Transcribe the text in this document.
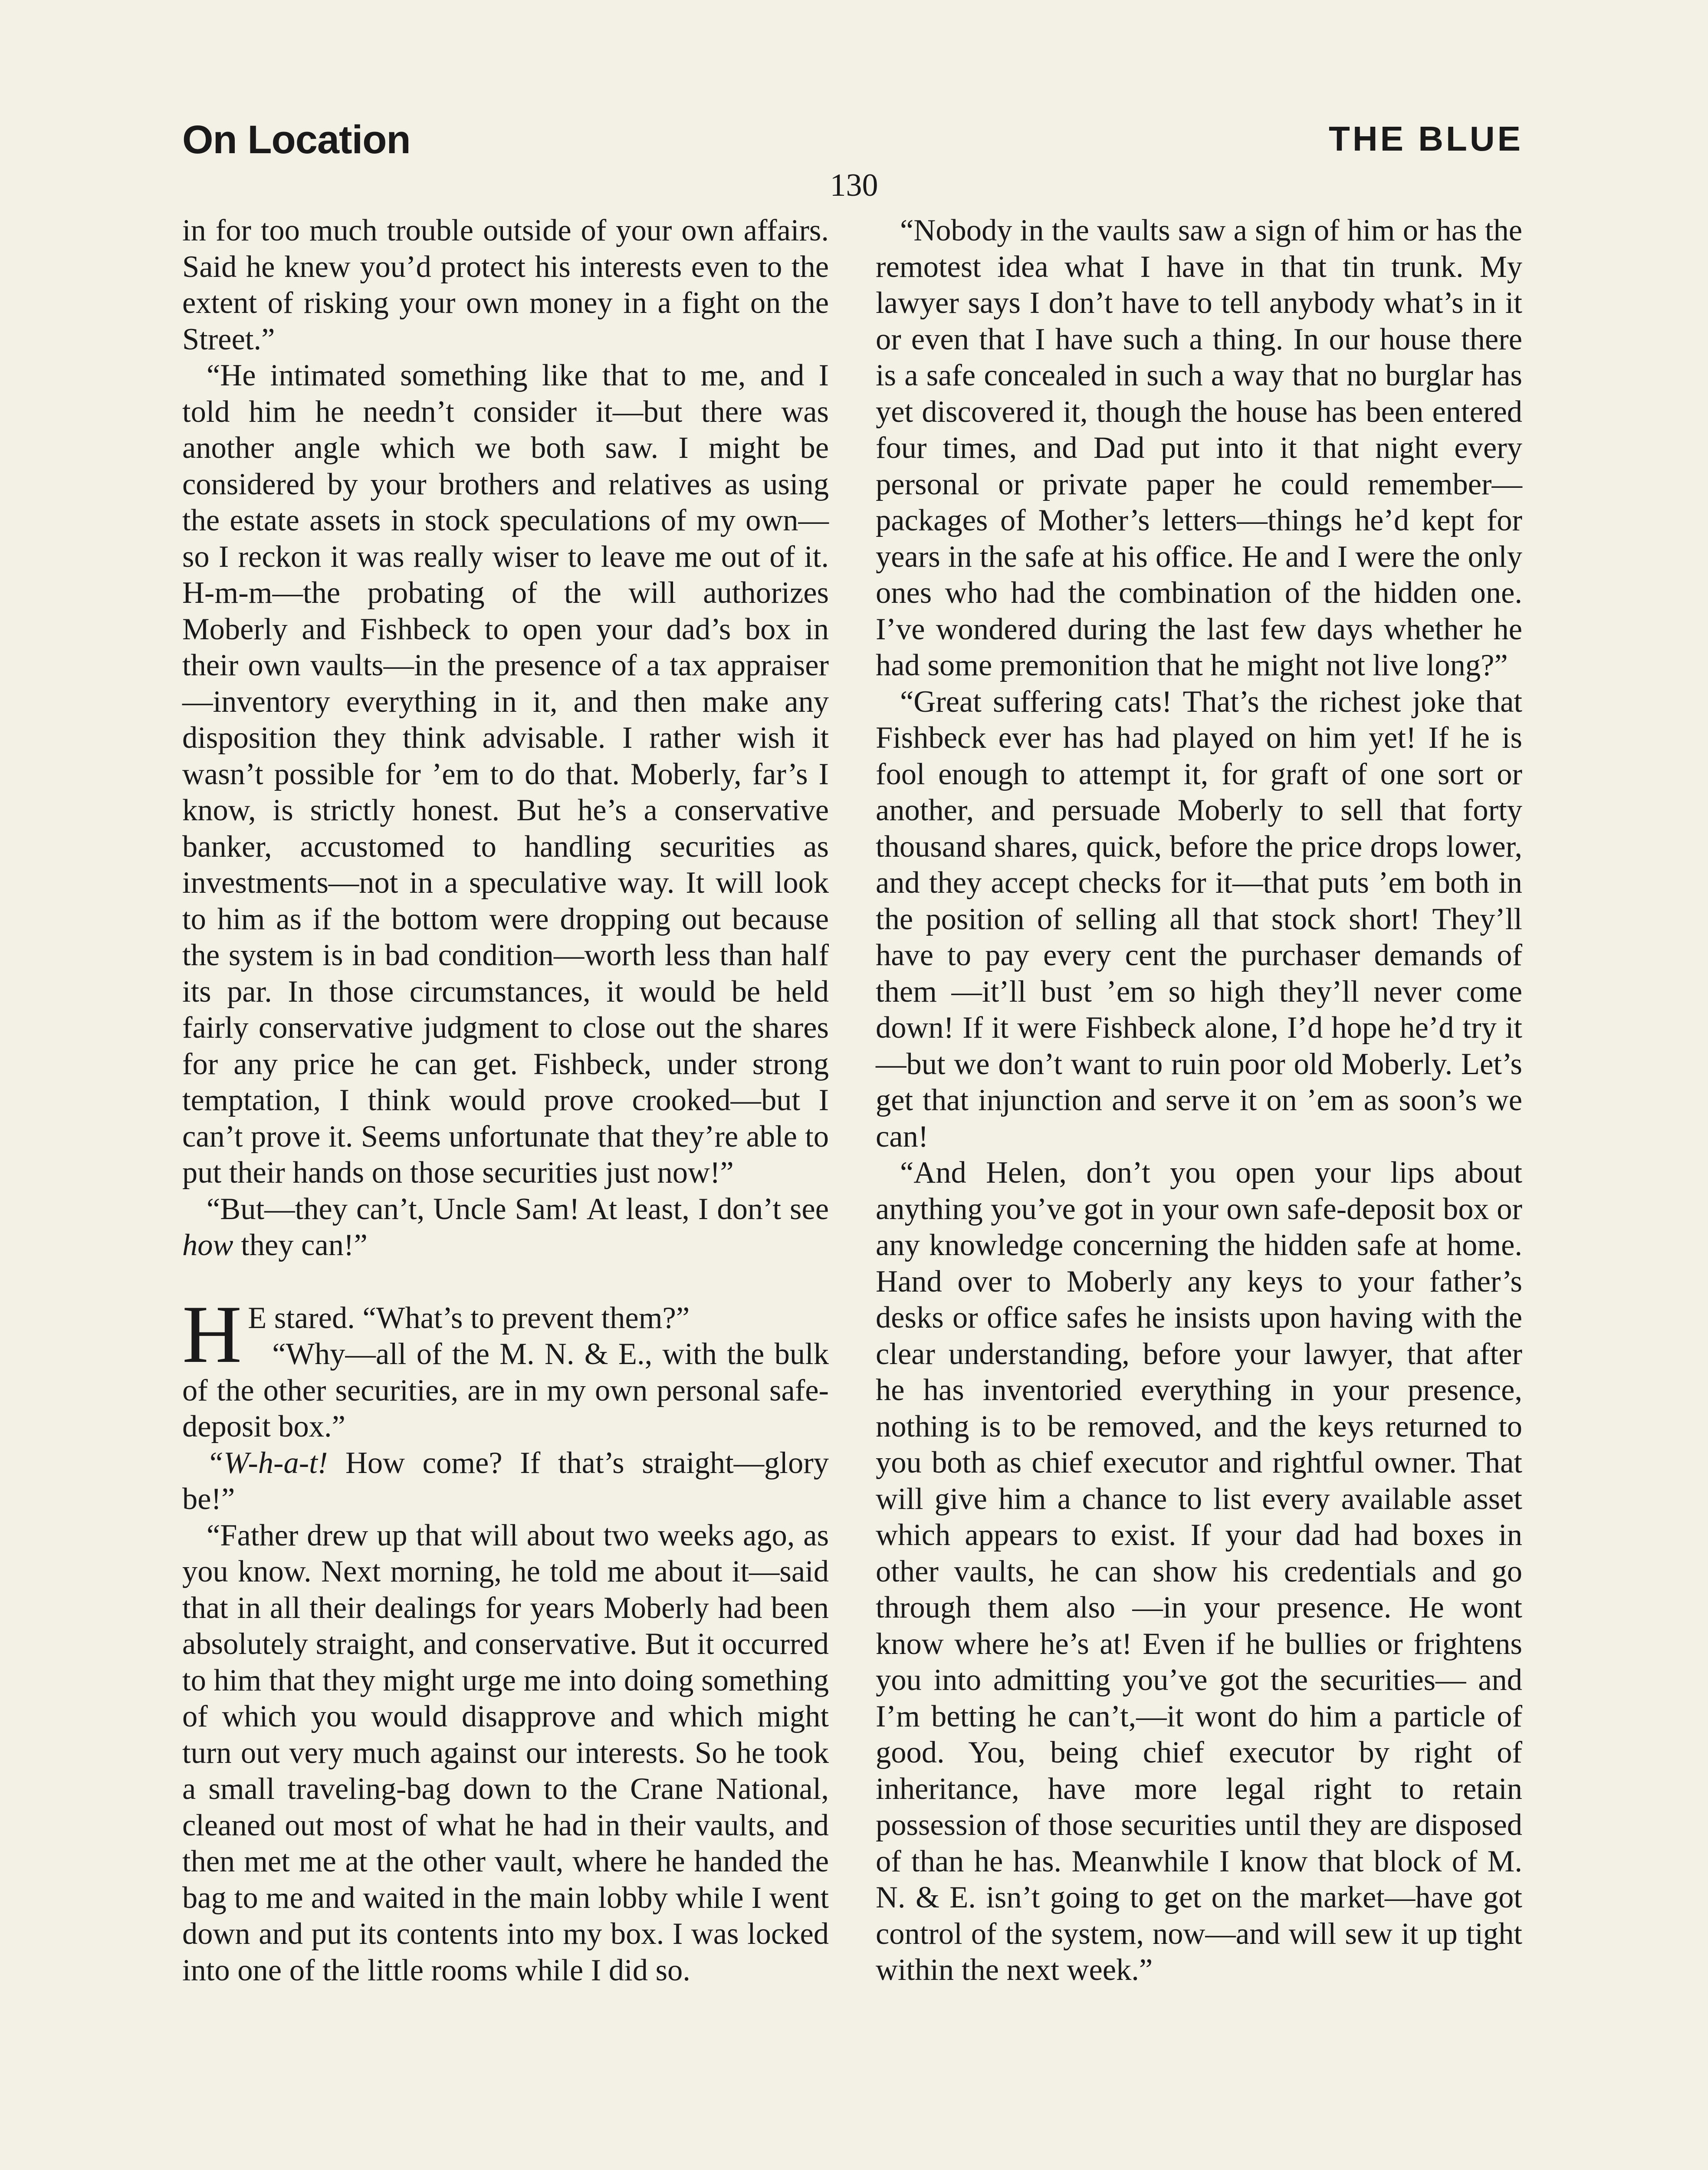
On Location	THE BLUE
130

in for too much trouble outside of your own affairs. Said he knew you’d protect his interests even to the extent of risking your own money in a fight on the Street.”

“He intimated something like that to me, and I told him he needn’t consider it—but there was another angle which we both saw. I might be considered by your brothers and relatives as using the estate assets in stock speculations of my own—so I reckon it was really wiser to leave me out of it. H-m-m—the probating of the will authorizes Moberly and Fishbeck to open your dad’s box in their own vaults—in the presence of a tax appraiser—inventory everything in it, and then make any disposition they think advisable. I rather wish it wasn’t possible for ’em to do that. Moberly, far’s I know, is strictly honest. But he’s a conservative banker, accustomed to handling securities as investments—not in a speculative way. It will look to him as if the bottom were dropping out because the system is in bad condition—worth less than half its par. In those circumstances, it would be held fairly conservative judgment to close out the shares for any price he can get. Fishbeck, under strong temptation, I think would prove crooked—but I can’t prove it. Seems unfortunate that they’re able to put their hands on those securities just now!”

“But—they can’t, Uncle Sam! At least, I don’t see how they can!”

H E stared. “What’s to prevent them?”

“Why—all of the M. N. & E., with the bulk of the other securities, are in my own personal safe-deposit box.”

“W-h-a-t! How come? If that’s straight—glory be!”

“Father drew up that will about two weeks ago, as you know. Next morning, he told me about it—said that in all their dealings for years Moberly had been absolutely straight, and conservative. But it occurred to him that they might urge me into doing something of which you would disapprove and which might turn out very much against our interests. So he took a small traveling-bag down to the Crane National, cleaned out most of what he had in their vaults, and then met me at the other vault, where he handed the bag to me and waited in the main lobby while I went down and put its contents into my box. I was locked into one of the little rooms while I did so.

“Nobody in the vaults saw a sign of him or has the remotest idea what I have in that tin trunk. My lawyer says I don’t have to tell anybody what’s in it or even that I have such a thing. In our house there is a safe concealed in such a way that no burglar has yet discovered it, though the house has been entered four times, and Dad put into it that night every personal or private paper he could remember—packages of Mother’s letters—things he’d kept for years in the safe at his office. He and I were the only ones who had the combination of the hidden one. I’ve wondered during the last few days whether he had some premonition that he might not live long?”

“Great suffering cats! That’s the richest joke that Fishbeck ever has had played on him yet! If he is fool enough to attempt it, for graft of one sort or another, and persuade Moberly to sell that forty thousand shares, quick, before the price drops lower, and they accept checks for it—that puts ’em both in the position of selling all that stock short! They’ll have to pay every cent the purchaser demands of them —it’ll bust ’em so high they’ll never come down! If it were Fishbeck alone, I’d hope he’d try it—but we don’t want to ruin poor old Moberly. Let’s get that injunction and serve it on ’em as soon’s we can!

“And Helen, don’t you open your lips about anything you’ve got in your own safe-deposit box or any knowledge concerning the hidden safe at home. Hand over to Moberly any keys to your father’s desks or office safes he insists upon having with the clear understanding, before your lawyer, that after he has inventoried everything in your presence, nothing is to be removed, and the keys returned to you both as chief executor and rightful owner. That will give him a chance to list every available asset which appears to exist. If your dad had boxes in other vaults, he can show his credentials and go through them also —in your presence. He wont know where he’s at! Even if he bullies or frightens you into admitting you’ve got the securities— and I’m betting he can’t,—it wont do him a particle of good. You, being chief executor by right of inheritance, have more legal right to retain possession of those securities until they are disposed of than he has. Meanwhile I know that block of M. N. & E. isn’t going to get on the market—have got control of the system, now—and will sew it up tight within the next week.”
